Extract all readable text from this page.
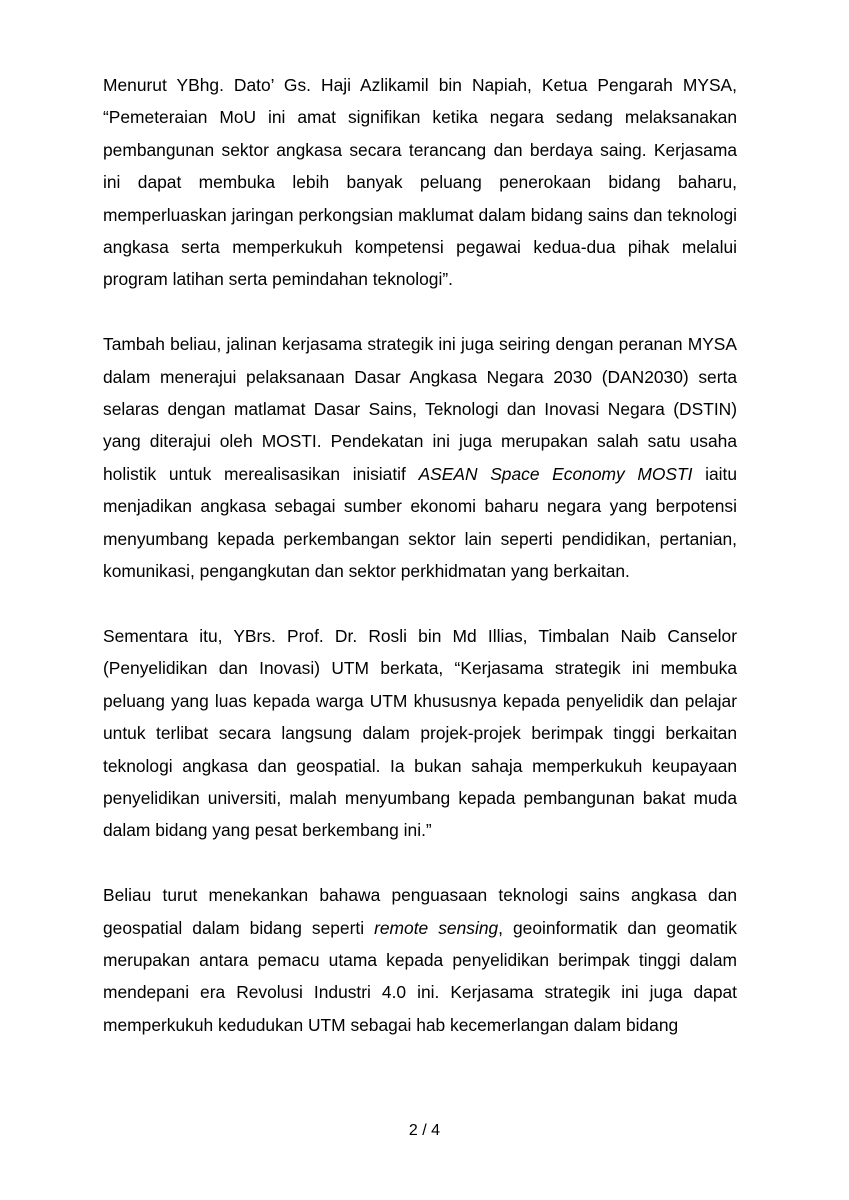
Menurut YBhg. Dato’ Gs. Haji Azlikamil bin Napiah, Ketua Pengarah MYSA, “Pemeteraian MoU ini amat signifikan ketika negara sedang melaksanakan pembangunan sektor angkasa secara terancang dan berdaya saing. Kerjasama ini dapat membuka lebih banyak peluang penerokaan bidang baharu, memperluaskan jaringan perkongsian maklumat dalam bidang sains dan teknologi angkasa serta memperkukuh kompetensi pegawai kedua-dua pihak melalui program latihan serta pemindahan teknologi”.

Tambah beliau, jalinan kerjasama strategik ini juga seiring dengan peranan MYSA dalam menerajui pelaksanaan Dasar Angkasa Negara 2030 (DAN2030) serta selaras dengan matlamat Dasar Sains, Teknologi dan Inovasi Negara (DSTIN) yang diterajui oleh MOSTI. Pendekatan ini juga merupakan salah satu usaha holistik untuk merealisasikan inisiatif ASEAN Space Economy MOSTI iaitu menjadikan angkasa sebagai sumber ekonomi baharu negara yang berpotensi menyumbang kepada perkembangan sektor lain seperti pendidikan, pertanian, komunikasi, pengangkutan dan sektor perkhidmatan yang berkaitan.

Sementara itu, YBrs. Prof. Dr. Rosli bin Md Illias, Timbalan Naib Canselor (Penyelidikan dan Inovasi) UTM berkata, “Kerjasama strategik ini membuka peluang yang luas kepada warga UTM khususnya kepada penyelidik dan pelajar untuk terlibat secara langsung dalam projek-projek berimpak tinggi berkaitan teknologi angkasa dan geospatial. Ia bukan sahaja memperkukuh keupayaan penyelidikan universiti, malah menyumbang kepada pembangunan bakat muda dalam bidang yang pesat berkembang ini.”

Beliau turut menekankan bahawa penguasaan teknologi sains angkasa dan geospatial dalam bidang seperti remote sensing, geoinformatik dan geomatik merupakan antara pemacu utama kepada penyelidikan berimpak tinggi dalam mendepani era Revolusi Industri 4.0 ini. Kerjasama strategik ini juga dapat memperkukuh kedudukan UTM sebagai hab kecemerlangan dalam bidang

2 / 4
